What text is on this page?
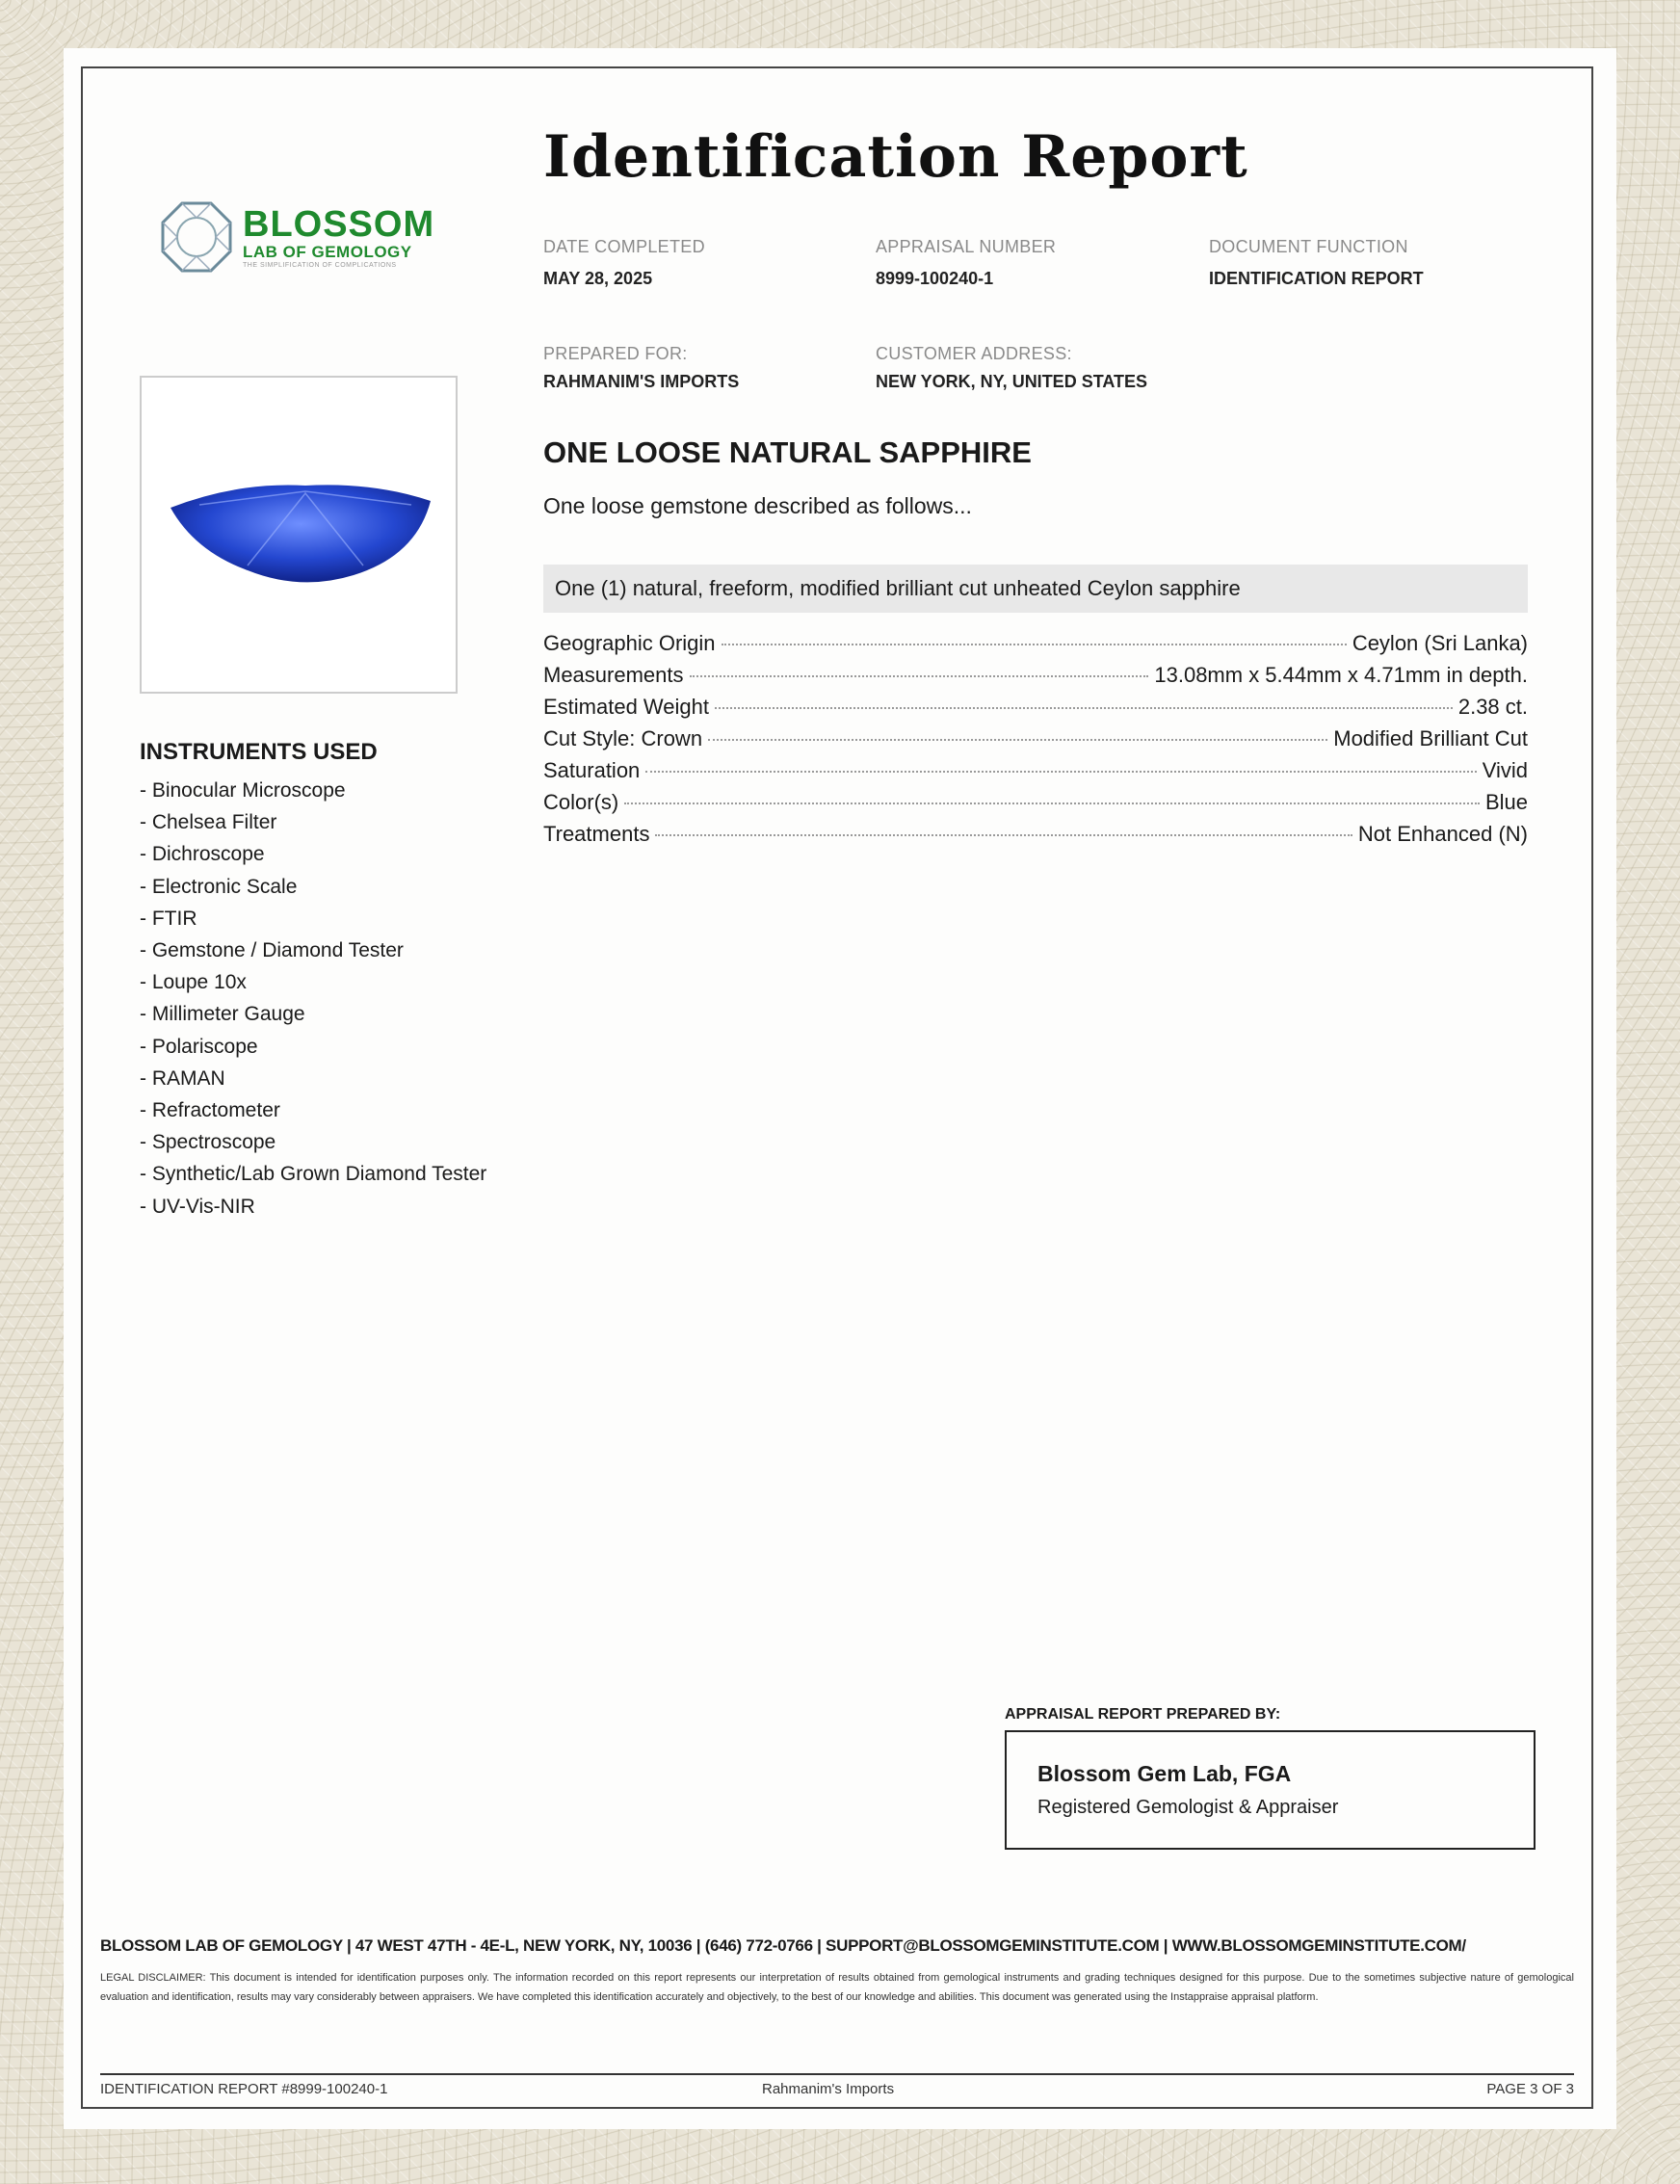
BLOSSOM
LAB OF GEMOLOGY
THE SIMPLIFICATION OF COMPLICATIONS
Identification Report
DATE COMPLETED
MAY 28, 2025
APPRAISAL NUMBER
8999-100240-1
DOCUMENT FUNCTION
IDENTIFICATION REPORT
PREPARED FOR:
RAHMANIM'S IMPORTS
CUSTOMER ADDRESS:
NEW YORK, NY, UNITED STATES
ONE LOOSE NATURAL SAPPHIRE
One loose gemstone described as follows...
One (1) natural, freeform, modified brilliant cut unheated Ceylon sapphire
Geographic Origin	Ceylon (Sri Lanka)
Measurements	13.08mm x 5.44mm x 4.71mm in depth.
Estimated Weight	2.38 ct.
Cut Style: Crown	Modified Brilliant Cut
Saturation	Vivid
Color(s)	Blue
Treatments	Not Enhanced (N)
INSTRUMENTS USED
- Binocular Microscope
- Chelsea Filter
- Dichroscope
- Electronic Scale
- FTIR
- Gemstone / Diamond Tester
- Loupe 10x
- Millimeter Gauge
- Polariscope
- RAMAN
- Refractometer
- Spectroscope
- Synthetic/Lab Grown Diamond Tester
- UV-Vis-NIR
APPRAISAL REPORT PREPARED BY:
Blossom Gem Lab, FGA
Registered Gemologist & Appraiser
BLOSSOM LAB OF GEMOLOGY | 47 WEST 47TH - 4E-L, NEW YORK, NY, 10036 | (646) 772-0766 | SUPPORT@BLOSSOMGEMINSTITUTE.COM | WWW.BLOSSOMGEMINSTITUTE.COM/
LEGAL DISCLAIMER: This document is intended for identification purposes only. The information recorded on this report represents our interpretation of results obtained from gemological instruments and grading techniques designed for this purpose. Due to the sometimes subjective nature of gemological evaluation and identification, results may vary considerably between appraisers. We have completed this identification accurately and objectively, to the best of our knowledge and abilities. This document was generated using the Instappraise appraisal platform.
IDENTIFICATION REPORT #8999-100240-1	Rahmanim's Imports	PAGE 3 OF 3
